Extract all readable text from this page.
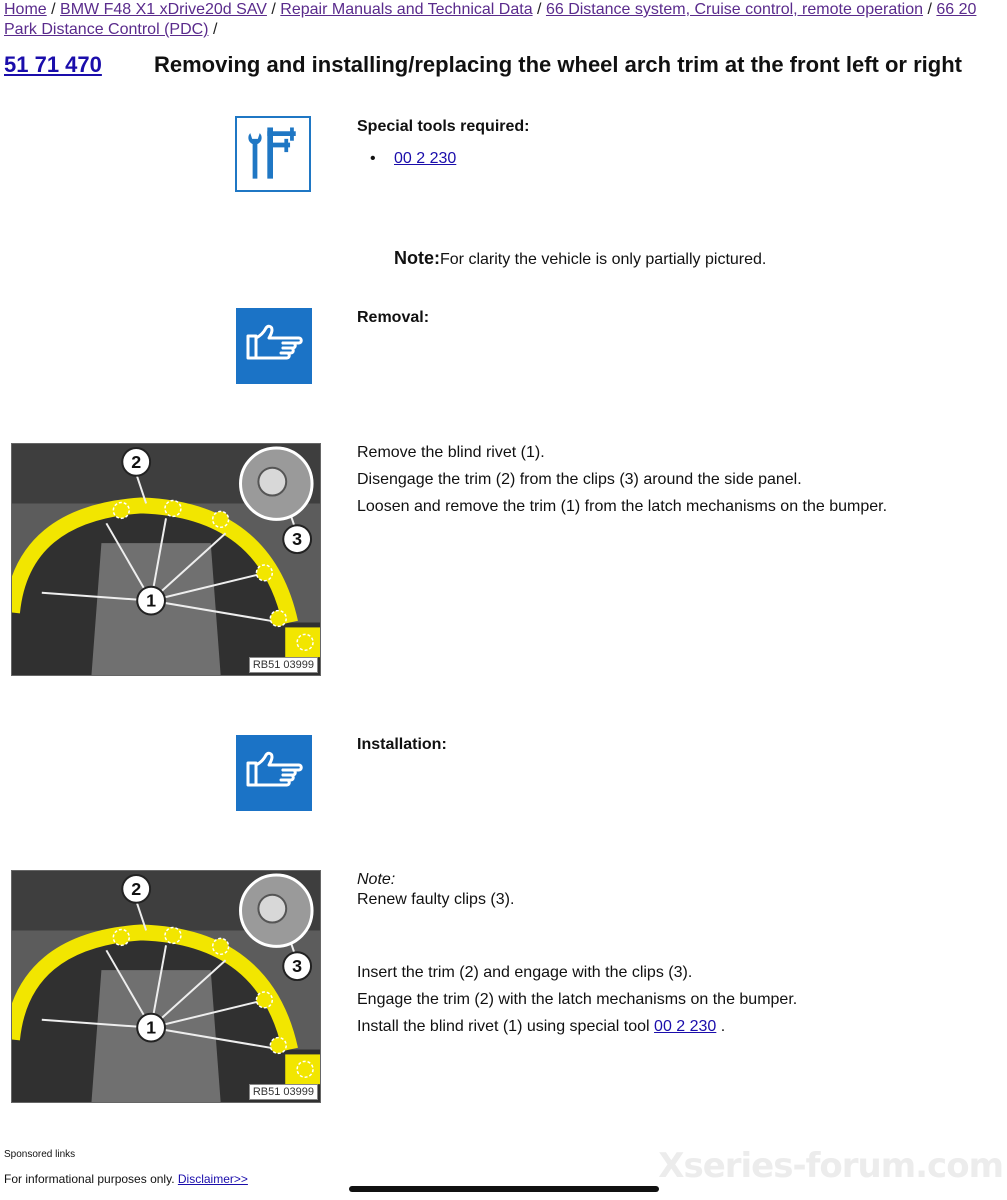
Home / BMW F48 X1 xDrive20d SAV / Repair Manuals and Technical Data / 66 Distance system, Cruise control, remote operation / 66 20 Park Distance Control (PDC) /
51 71 470 Removing and installing/replacing the wheel arch trim at the front left or right
Special tools required:
• 00 2 230
Note:For clarity the vehicle is only partially pictured.
Removal:
2
3
1
RB51 03999
Remove the blind rivet (1).
Disengage the trim (2) from the clips (3) around the side panel.
Loosen and remove the trim (1) from the latch mechanisms on the bumper.
Installation:
2
3
1
RB51 03999
Note:
Renew faulty clips (3).
Insert the trim (2) and engage with the clips (3).
Engage the trim (2) with the latch mechanisms on the bumper.
Install the blind rivet (1) using special tool 00 2 230 .
Sponsored links
For informational purposes only. Disclaimer>>	Xseries-forum.com
